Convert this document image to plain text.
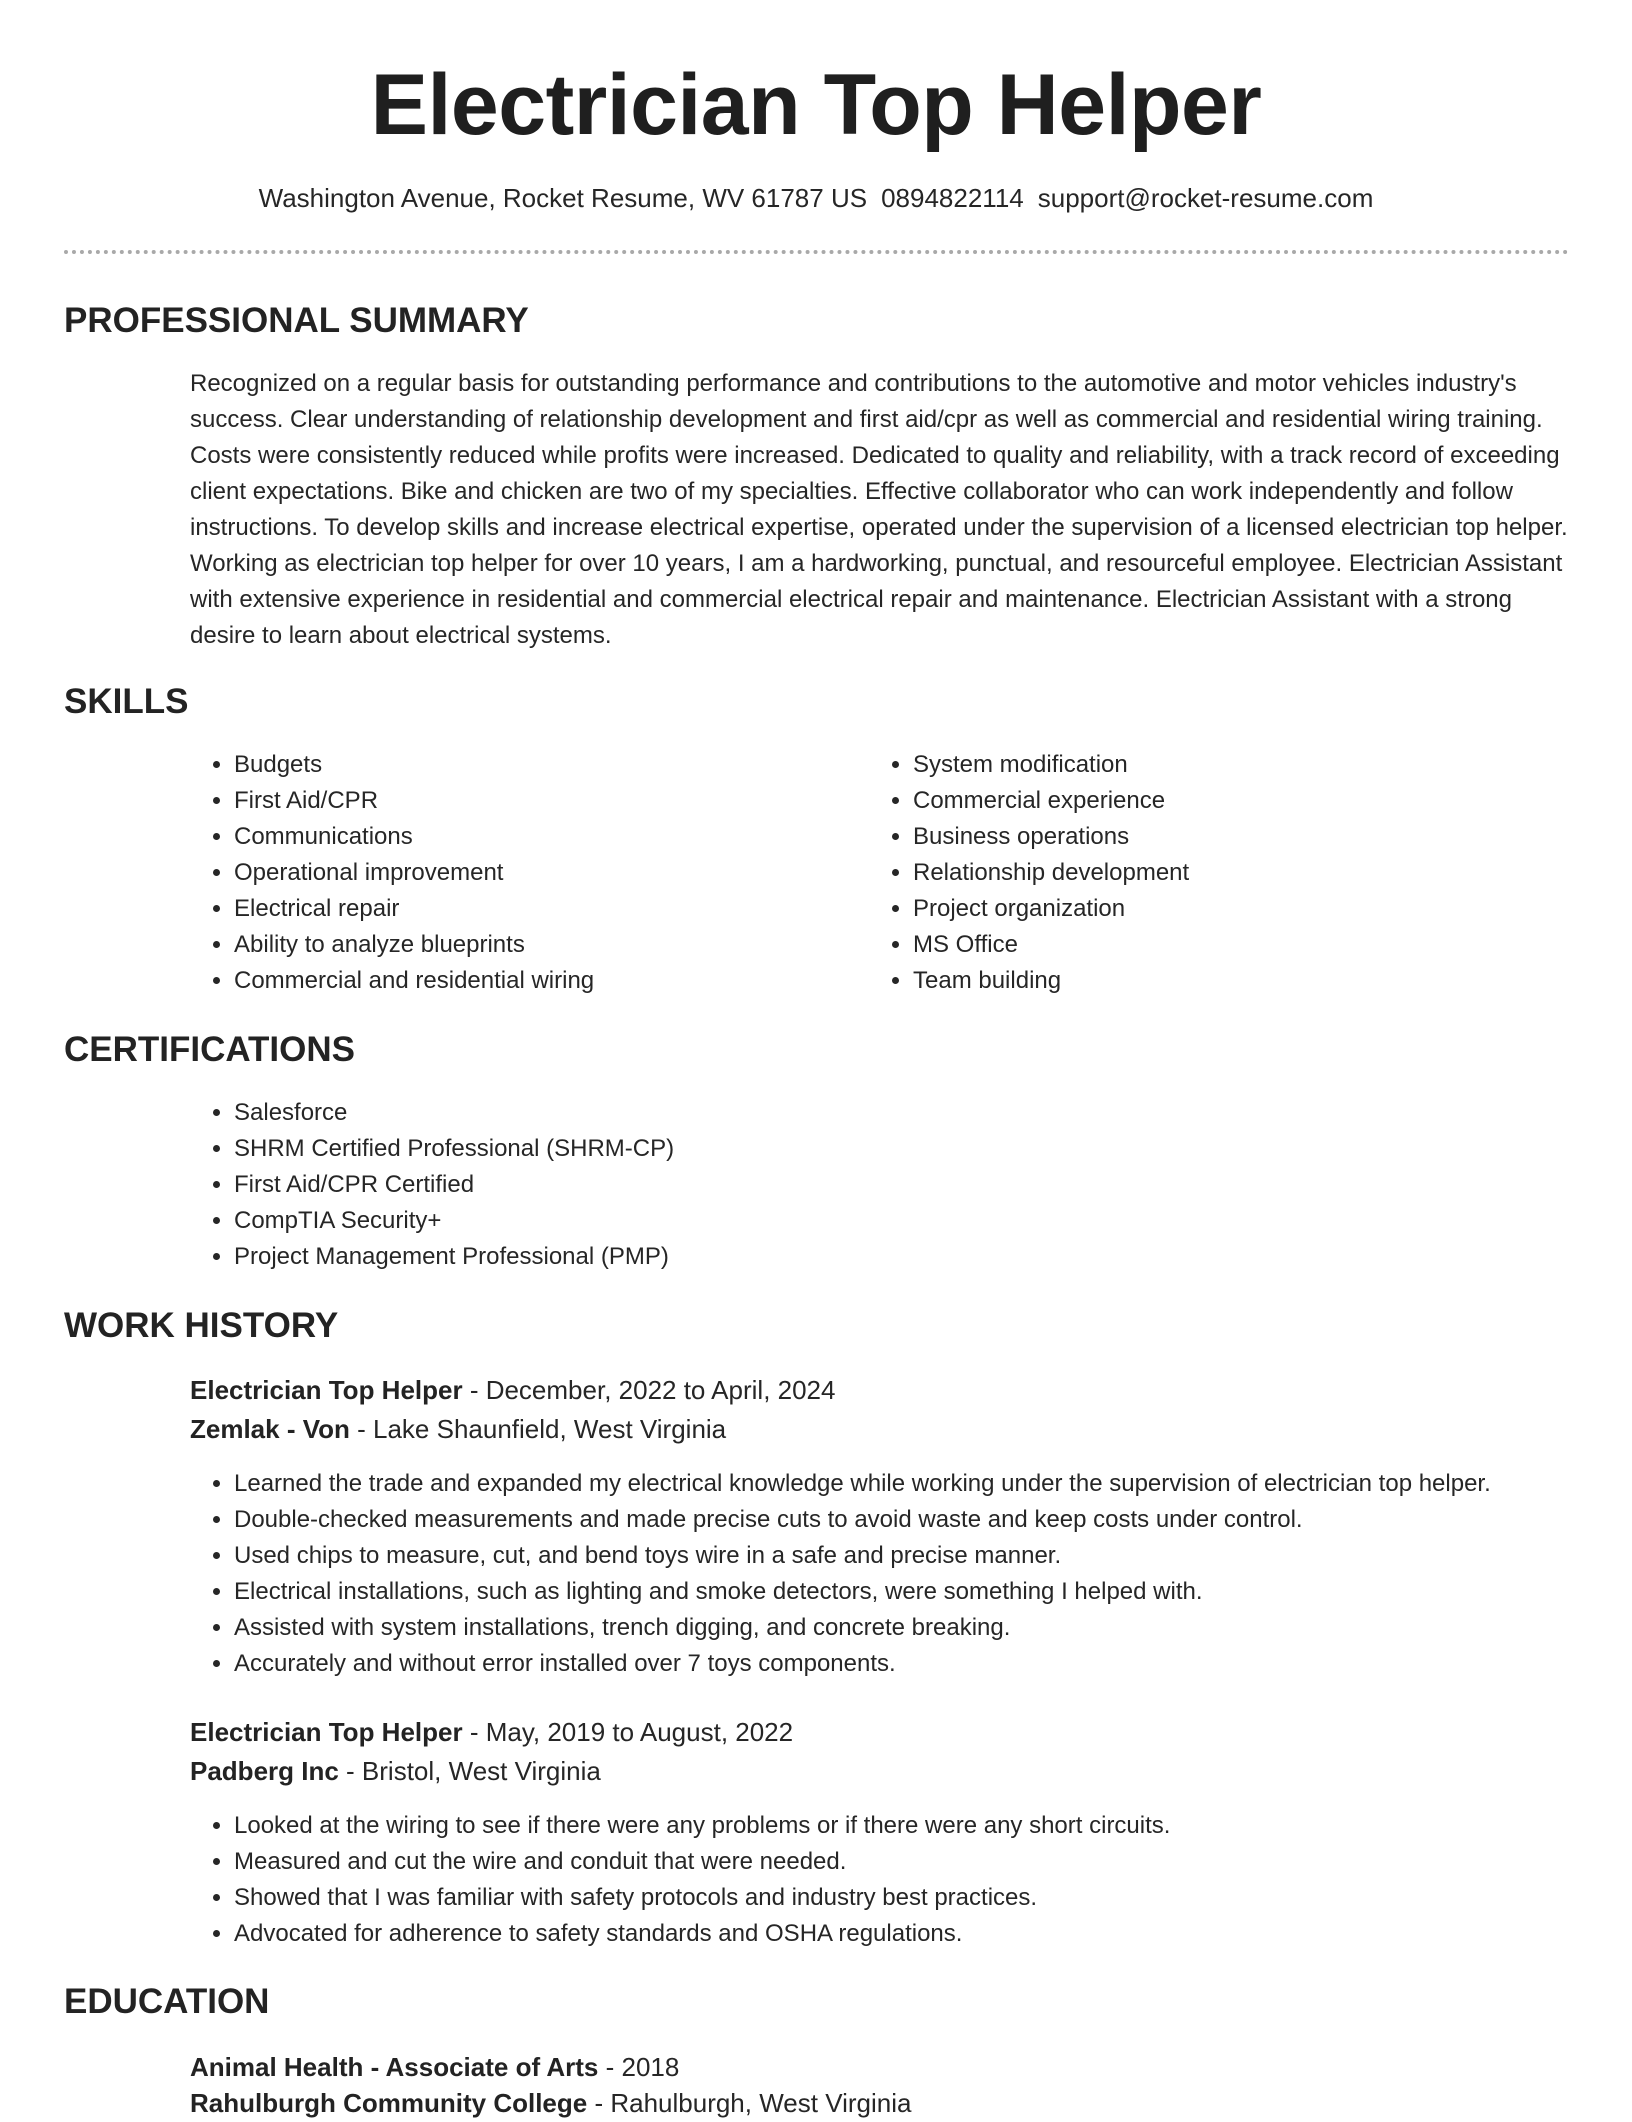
Electrician Top Helper
Washington Avenue, Rocket Resume, WV 61787 US 0894822114 support@rocket-resume.com
PROFESSIONAL SUMMARY

Recognized on a regular basis for outstanding performance and contributions to the automotive and motor vehicles industry's success. Clear understanding of relationship development and first aid/cpr as well as commercial and residential wiring training. Costs were consistently reduced while profits were increased. Dedicated to quality and reliability, with a track record of exceeding client expectations. Bike and chicken are two of my specialties. Effective collaborator who can work independently and follow instructions. To develop skills and increase electrical expertise, operated under the supervision of a licensed electrician top helper. Working as electrician top helper for over 10 years, I am a hardworking, punctual, and resourceful employee. Electrician Assistant with extensive experience in residential and commercial electrical repair and maintenance. Electrician Assistant with a strong desire to learn about electrical systems.

SKILLS
• Budgets
• First Aid/CPR
• Communications
• Operational improvement
• Electrical repair
• Ability to analyze blueprints
• Commercial and residential wiring
• System modification
• Commercial experience
• Business operations
• Relationship development
• Project organization
• MS Office
• Team building
CERTIFICATIONS
• Salesforce
• SHRM Certified Professional (SHRM-CP)
• First Aid/CPR Certified
• CompTIA Security+
• Project Management Professional (PMP)
WORK HISTORY
Electrician Top Helper - December, 2022 to April, 2024
Zemlak - Von - Lake Shaunfield, West Virginia
• Learned the trade and expanded my electrical knowledge while working under the supervision of electrician top helper.
• Double-checked measurements and made precise cuts to avoid waste and keep costs under control.
• Used chips to measure, cut, and bend toys wire in a safe and precise manner.
• Electrical installations, such as lighting and smoke detectors, were something I helped with.
• Assisted with system installations, trench digging, and concrete breaking.
• Accurately and without error installed over 7 toys components.
Electrician Top Helper - May, 2019 to August, 2022
Padberg Inc - Bristol, West Virginia
• Looked at the wiring to see if there were any problems or if there were any short circuits.
• Measured and cut the wire and conduit that were needed.
• Showed that I was familiar with safety protocols and industry best practices.
• Advocated for adherence to safety standards and OSHA regulations.
EDUCATION
Animal Health - Associate of Arts - 2018
Rahulburgh Community College - Rahulburgh, West Virginia
